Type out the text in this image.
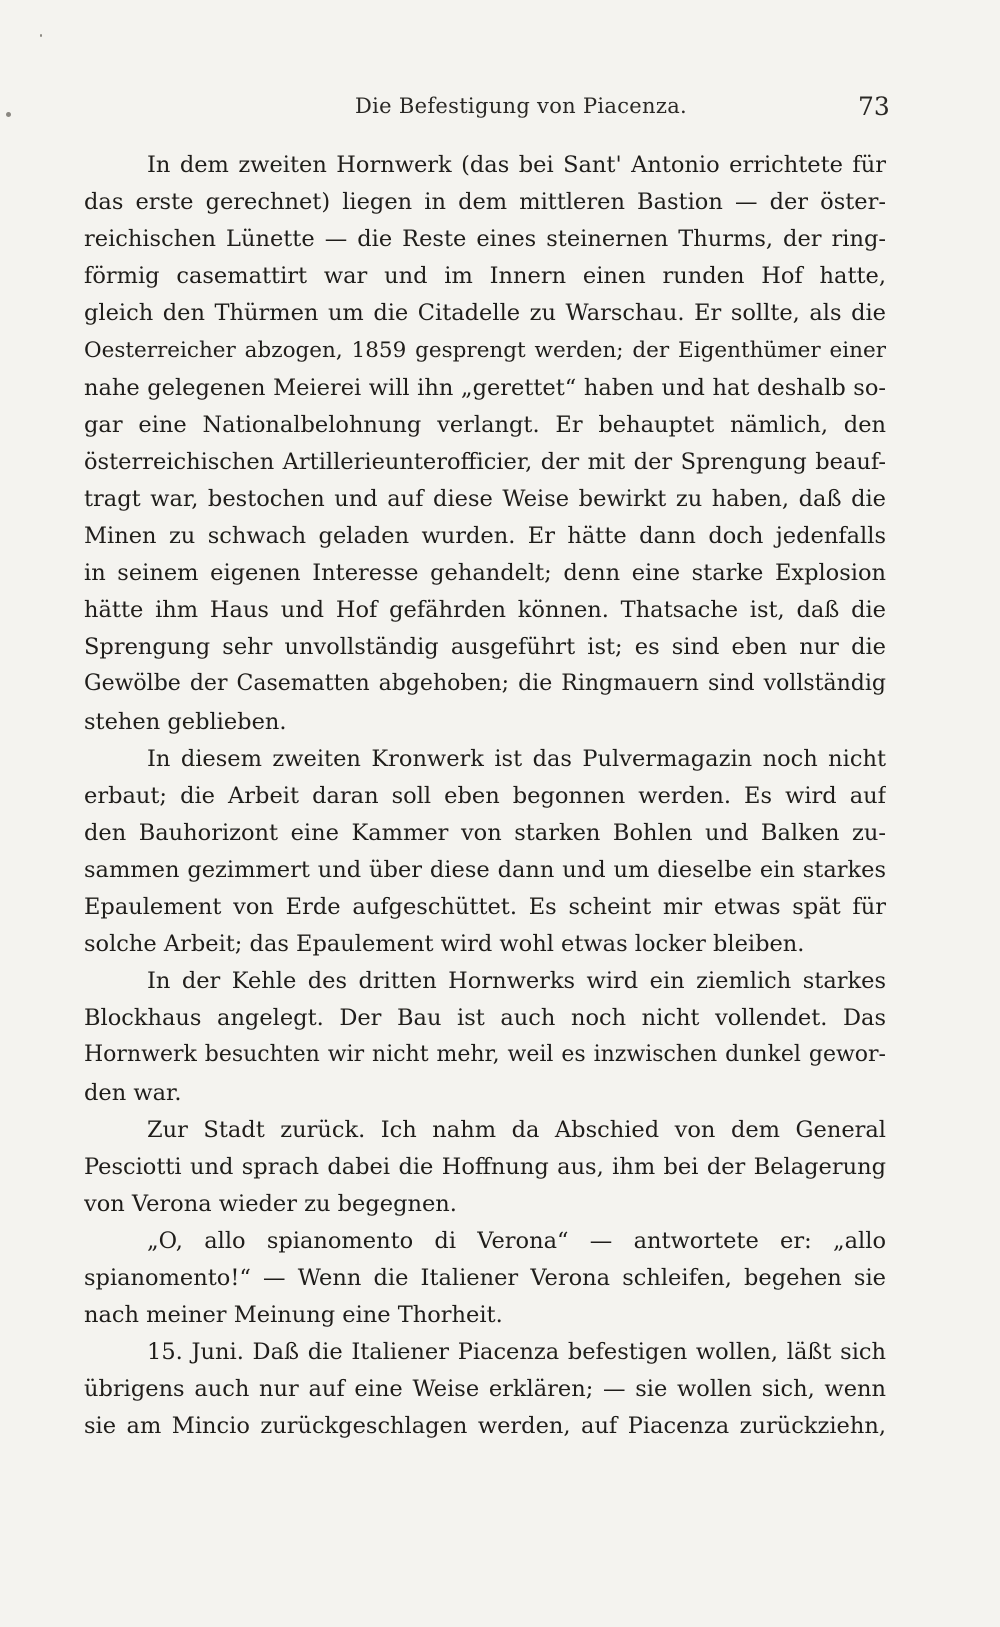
Die Befestigung von Piacenza.	73
In dem zweiten Hornwerk (das bei Sant' Antonio errichtete für
das erste gerechnet) liegen in dem mittleren Bastion — der öster-
reichischen Lünette — die Reste eines steinernen Thurms, der ring-
förmig casemattirt war und im Innern einen runden Hof hatte,
gleich den Thürmen um die Citadelle zu Warschau. Er sollte, als die
Oesterreicher abzogen, 1859 gesprengt werden; der Eigenthümer einer
nahe gelegenen Meierei will ihn „gerettet“ haben und hat deshalb so-
gar eine Nationalbelohnung verlangt. Er behauptet nämlich, den
österreichischen Artillerieunterofficier, der mit der Sprengung beauf-
tragt war, bestochen und auf diese Weise bewirkt zu haben, daß die
Minen zu schwach geladen wurden. Er hätte dann doch jedenfalls
in seinem eigenen Interesse gehandelt; denn eine starke Explosion
hätte ihm Haus und Hof gefährden können. Thatsache ist, daß die
Sprengung sehr unvollständig ausgeführt ist; es sind eben nur die
Gewölbe der Casematten abgehoben; die Ringmauern sind vollständig
stehen geblieben.
In diesem zweiten Kronwerk ist das Pulvermagazin noch nicht
erbaut; die Arbeit daran soll eben begonnen werden. Es wird auf
den Bauhorizont eine Kammer von starken Bohlen und Balken zu-
sammen gezimmert und über diese dann und um dieselbe ein starkes
Epaulement von Erde aufgeschüttet. Es scheint mir etwas spät für
solche Arbeit; das Epaulement wird wohl etwas locker bleiben.
In der Kehle des dritten Hornwerks wird ein ziemlich starkes
Blockhaus angelegt. Der Bau ist auch noch nicht vollendet. Das
Hornwerk besuchten wir nicht mehr, weil es inzwischen dunkel gewor-
den war.
Zur Stadt zurück. Ich nahm da Abschied von dem General
Pesciotti und sprach dabei die Hoffnung aus, ihm bei der Belagerung
von Verona wieder zu begegnen.
„O, allo spianomento di Verona“ — antwortete er: „allo
spianomento!“ — Wenn die Italiener Verona schleifen, begehen sie
nach meiner Meinung eine Thorheit.
15. Juni. Daß die Italiener Piacenza befestigen wollen, läßt sich
übrigens auch nur auf eine Weise erklären; — sie wollen sich, wenn
sie am Mincio zurückgeschlagen werden, auf Piacenza zurückziehn,
